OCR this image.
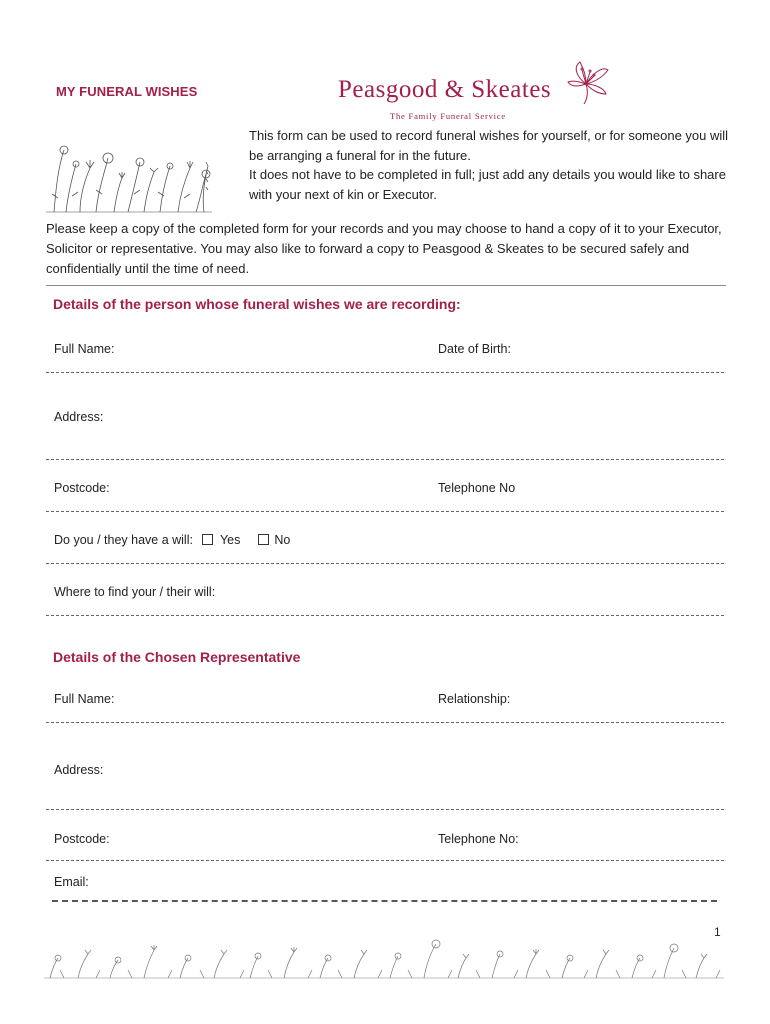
MY FUNERAL WISHES	Peasgood & Skeates
The Family Funeral Service

This form can be used to record funeral wishes for yourself, or for someone you will be arranging a funeral for in the future.

It does not have to be completed in full; just add any details you would like to share with your next of kin or Executor.

Please keep a copy of the completed form for your records and you may choose to hand a copy of it to your Executor, Solicitor or representative. You may also like to forward a copy to Peasgood & Skeates to be secured safely and confidentially until the time of need.
Details of the person whose funeral wishes we are recording:
Full Name:	Date of Birth:
Address:
Postcode:	Telephone No
Do you / they have a will: Yes	No
Where to find your / their will:
Details of the Chosen Representative
Full Name:	Relationship:
Address:
Postcode:	Telephone No:
Email:
1
